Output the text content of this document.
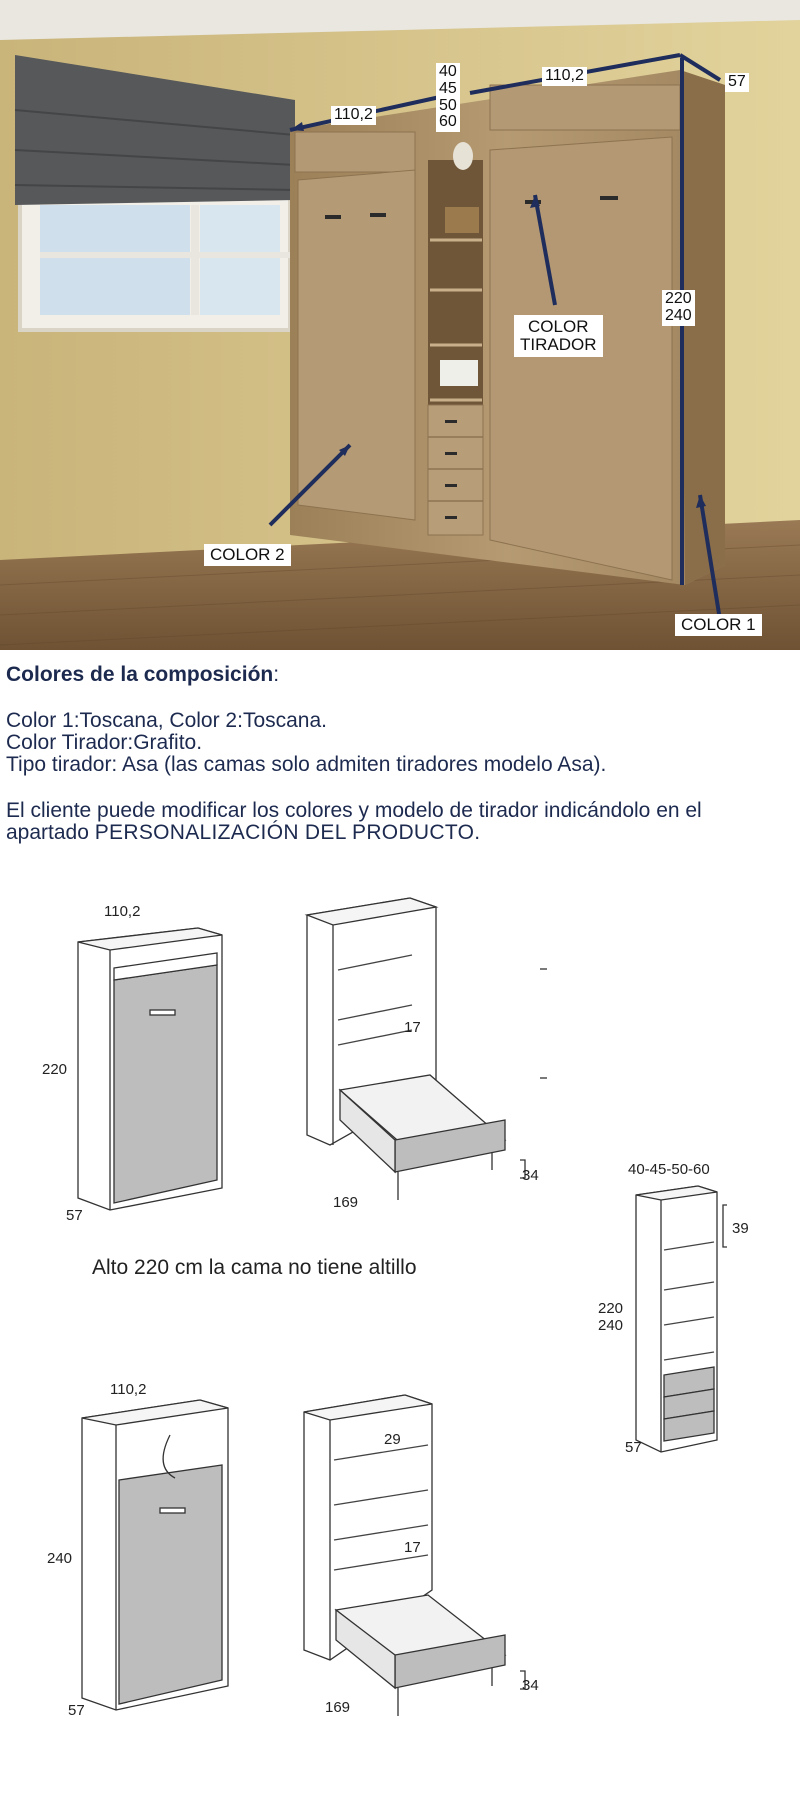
110,2
40
45
50
60
110,2	57
220
240
COLOR
TIRADOR
COLOR 2
COLOR 1

Colores de la composición:

Color 1:Toscana, Color 2:Toscana.

Color Tirador:Grafito.

Tipo tirador: Asa (las camas solo admiten tiradores modelo Asa).

El cliente puede modificar los colores y modelo de tirador indicándolo en el

apartado PERSONALIZACIÓN DEL PRODUCTO.

110,2
220
57
17
34
169
40-45-50-60
39
220
240
57
110,2
240
57
29
17
34
169
Alto 220 cm la cama no tiene altillo
